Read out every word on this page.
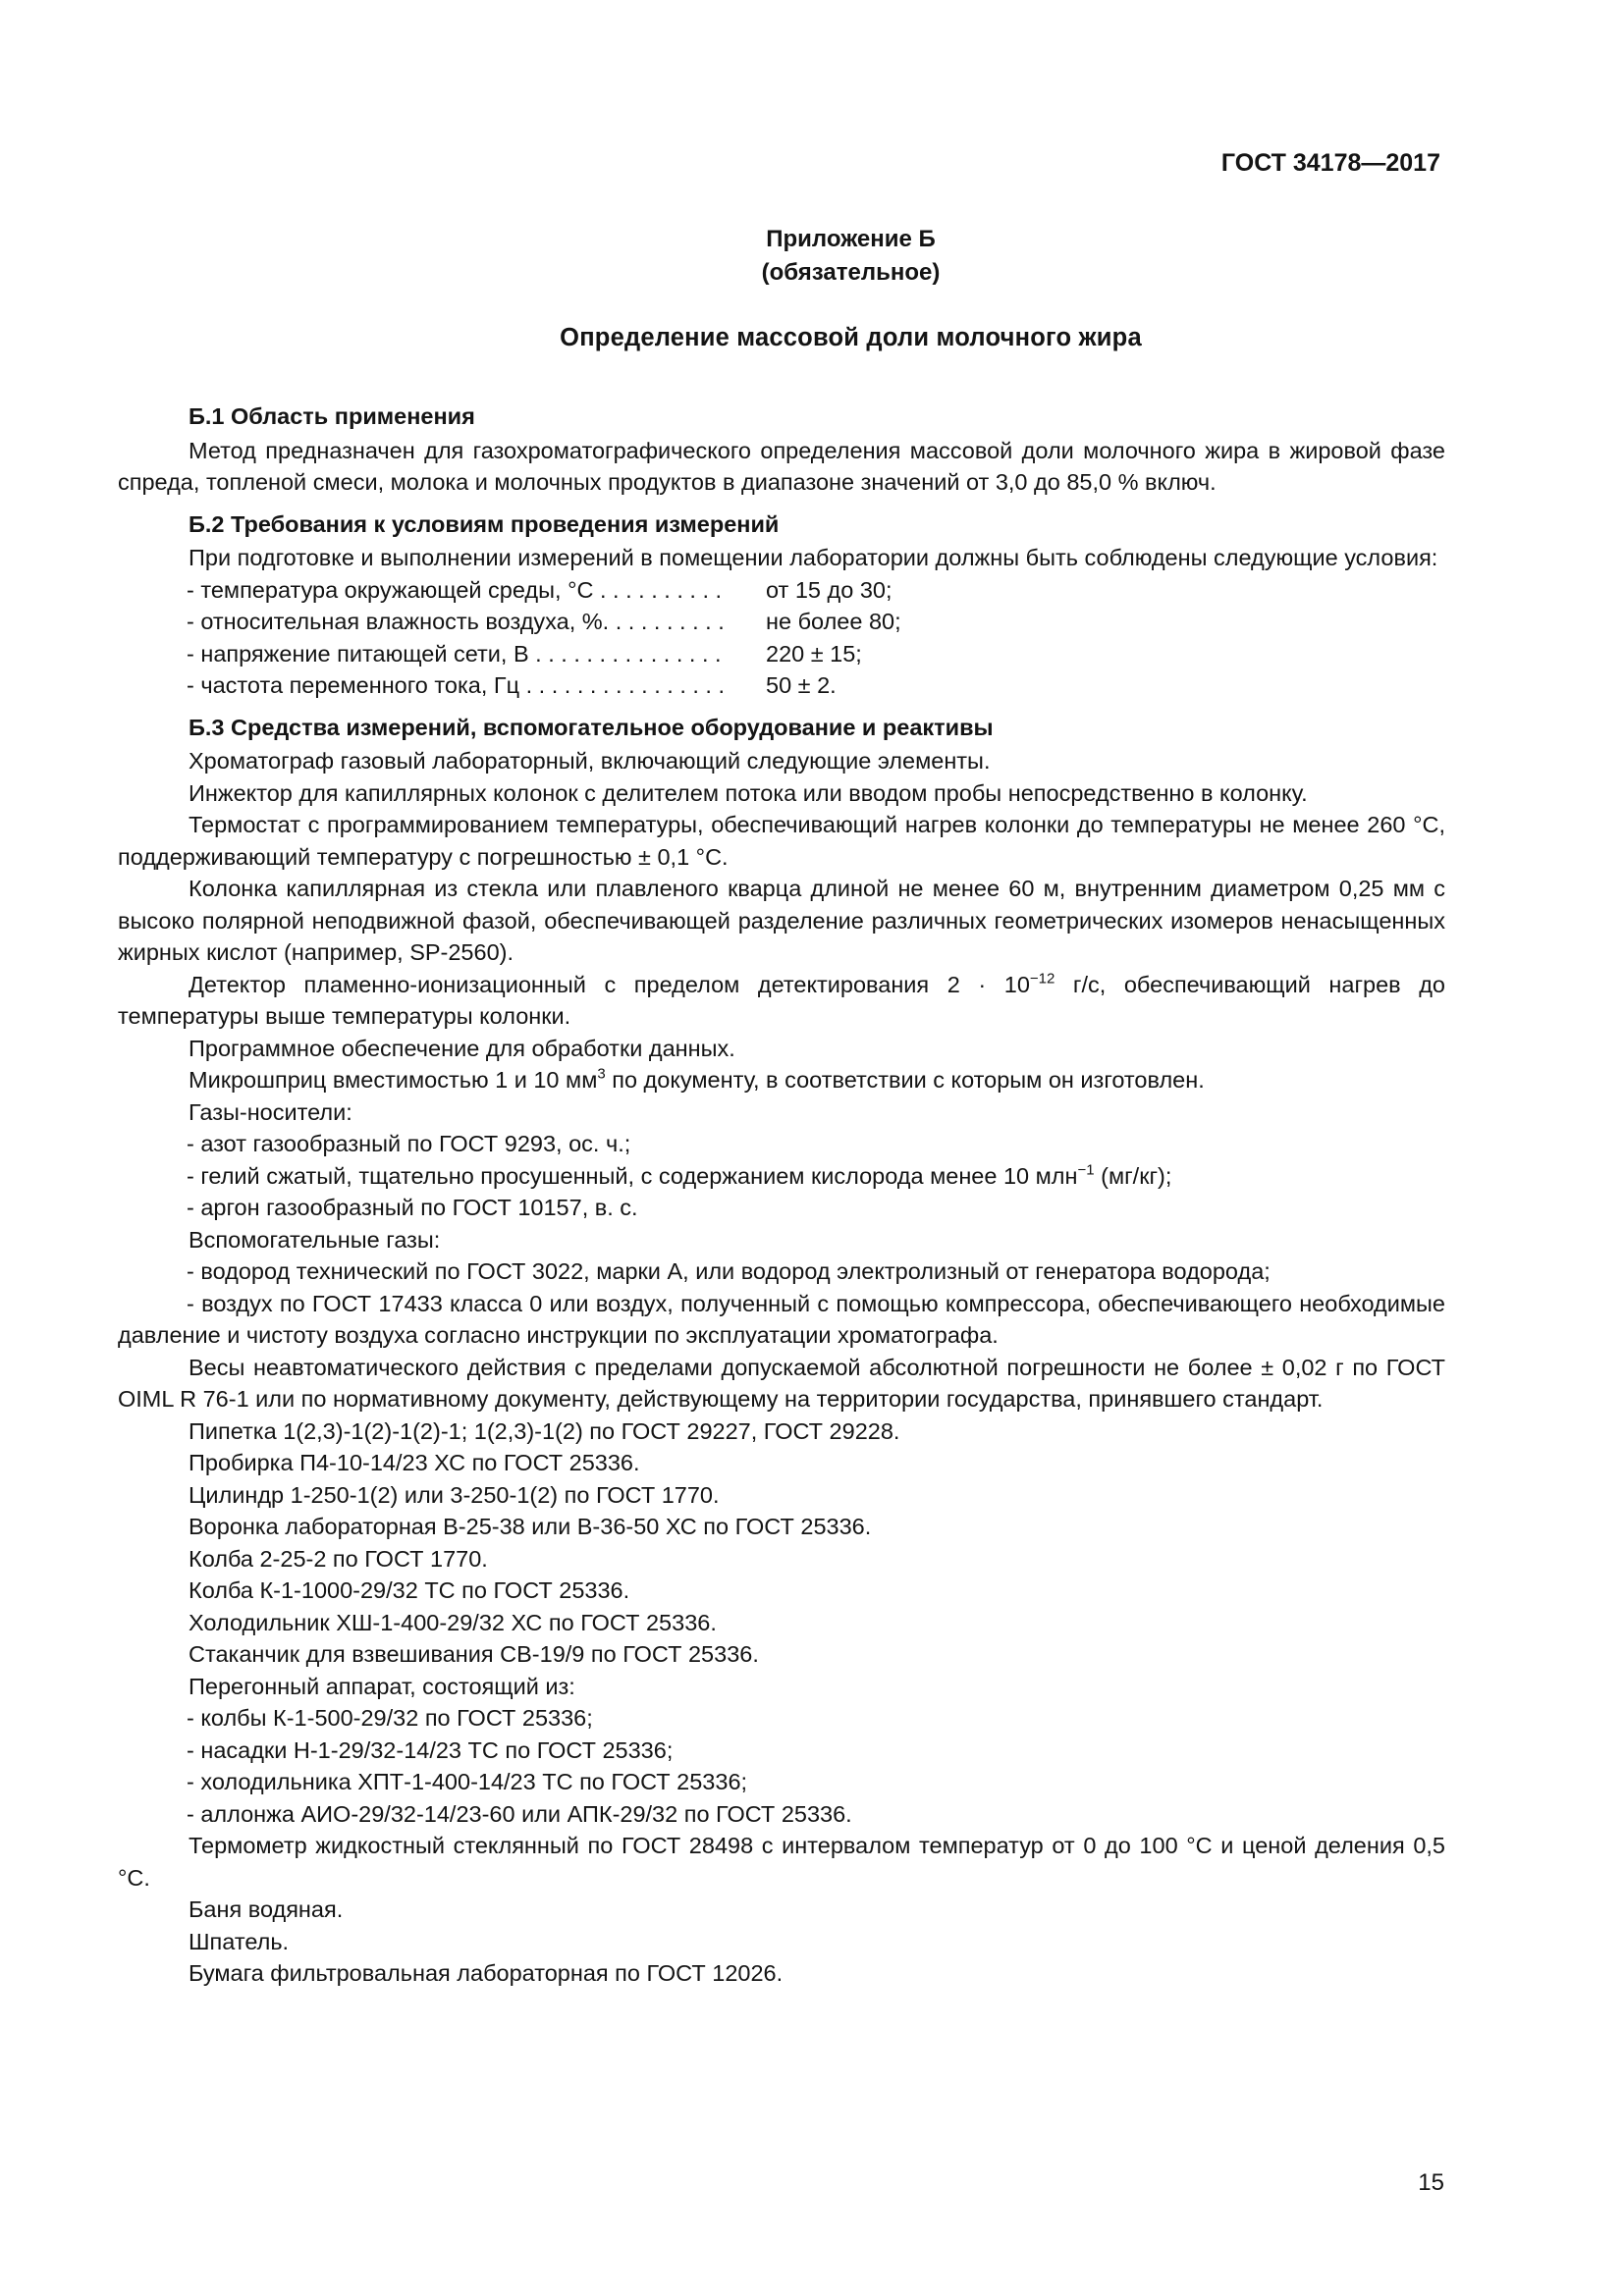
ГОСТ 34178—2017
Приложение Б
(обязательное)
Определение массовой доли молочного жира

Б.1 Область применения

Метод предназначен для газохроматографического определения массовой доли молочного жира в жировой фазе спреда, топленой смеси, молока и молочных продуктов в диапазоне значений от 3,0 до 85,0 % включ.

Б.2 Требования к условиям проведения измерений

При подготовке и выполнении измерений в помещении лаборатории должны быть соблюдены следующие условия:

- температура окружающей среды, °С . . . . . . . . . .	от 15 до 30;
- относительная влажность воздуха, %. . . . . . . . . .	не более 80;
- напряжение питающей сети, В . . . . . . . . . . . . . . .	220 ± 15;
- частота переменного тока, Гц . . . . . . . . . . . . . . . .	50 ± 2.

Б.3 Средства измерений, вспомогательное оборудование и реактивы

Хроматограф газовый лабораторный, включающий следующие элементы.

Инжектор для капиллярных колонок с делителем потока или вводом пробы непосредственно в колонку.

Термостат с программированием температуры, обеспечивающий нагрев колонки до температуры не менее 260 °С, поддерживающий температуру с погрешностью ± 0,1 °С.

Колонка капиллярная из стекла или плавленого кварца длиной не менее 60 м, внутренним диаметром 0,25 мм с высоко полярной неподвижной фазой, обеспечивающей разделение различных геометрических изомеров ненасыщенных жирных кислот (например, SP-2560).

Детектор пламенно-ионизационный с пределом детектирования $2 \cdot 10^{-12}$ г/с, обеспечивающий нагрев до температуры выше температуры колонки.

Программное обеспечение для обработки данных.

Микрошприц вместимостью 1 и 10 $мм^3$ по документу, в соответствии с которым он изготовлен.

Газы-носители:

- азот газообразный по ГОСТ 9293, ос. ч.;

- гелий сжатый, тщательно просушенный, с содержанием кислорода менее 10 млн$^{-1}$ (мг/кг);

- аргон газообразный по ГОСТ 10157, в. с.

Вспомогательные газы:

- водород технический по ГОСТ 3022, марки А, или водород электролизный от генератора водорода;

- воздух по ГОСТ 17433 класса 0 или воздух, полученный с помощью компрессора, обеспечивающего необходимые давление и чистоту воздуха согласно инструкции по эксплуатации хроматографа.

Весы неавтоматического действия с пределами допускаемой абсолютной погрешности не более ± 0,02 г по ГОСТ OIML R 76-1 или по нормативному документу, действующему на территории государства, принявшего стандарт.

Пипетка 1(2,3)-1(2)-1(2)-1; 1(2,3)-1(2) по ГОСТ 29227, ГОСТ 29228.

Пробирка П4-10-14/23 ХС по ГОСТ 25336.

Цилиндр 1-250-1(2) или 3-250-1(2) по ГОСТ 1770.

Воронка лабораторная В-25-38 или В-36-50 ХС по ГОСТ 25336.

Колба 2-25-2 по ГОСТ 1770.

Колба К-1-1000-29/32 ТС по ГОСТ 25336.

Холодильник ХШ-1-400-29/32 ХС по ГОСТ 25336.

Стаканчик для взвешивания СВ-19/9 по ГОСТ 25336.

Перегонный аппарат, состоящий из:

- колбы К-1-500-29/32 по ГОСТ 25336;

- насадки Н-1-29/32-14/23 ТС по ГОСТ 25336;

- холодильника ХПТ-1-400-14/23 ТС по ГОСТ 25336;

- аллонжа АИО-29/32-14/23-60 или АПК-29/32 по ГОСТ 25336.

Термометр жидкостный стеклянный по ГОСТ 28498 с интервалом температур от 0 до 100 °С и ценой деления 0,5 °С.

Баня водяная.

Шпатель.

Бумага фильтровальная лабораторная по ГОСТ 12026.

15
